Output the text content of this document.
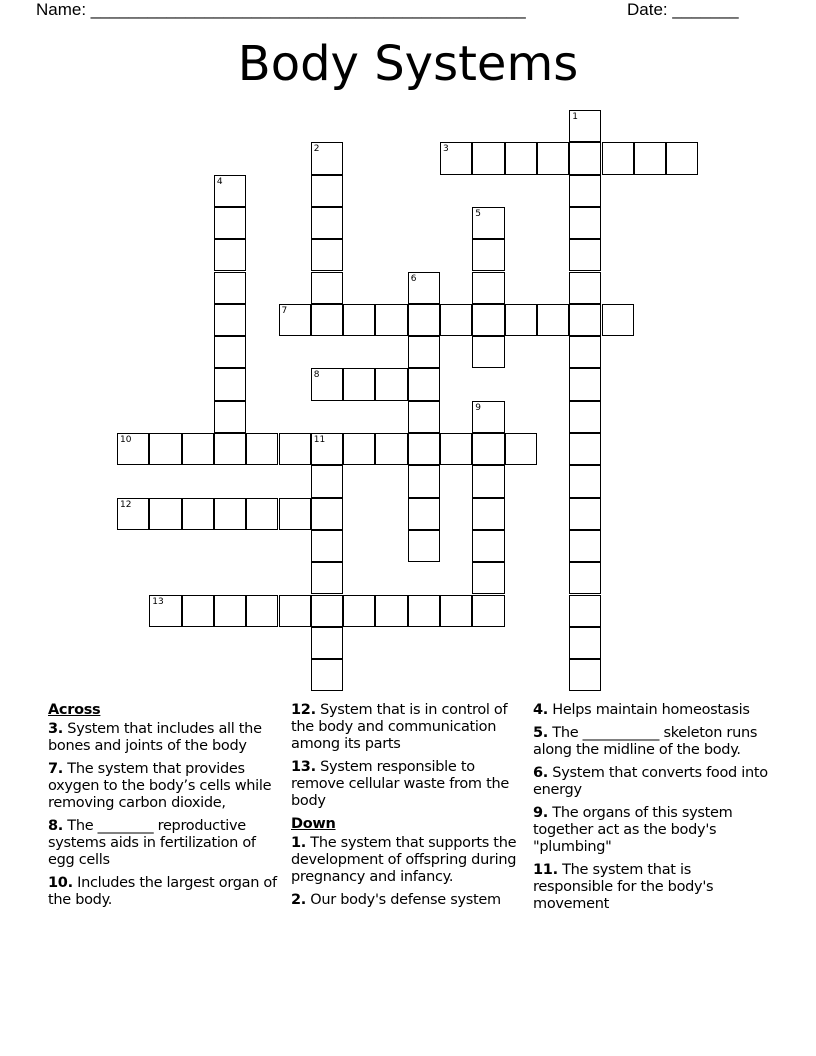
Name: ______________________________________________	Date: _______
Body Systems
1
2	3
4
5
6
7
8
9
10	11
12
13
Across
3. System that includes all the bones and joints of the body
7. The system that provides oxygen to the body’s cells while removing carbon dioxide,
8. The ________ reproductive systems aids in fertilization of egg cells
10. Includes the largest organ of the body.
12. System that is in control of the body and communication among its parts
13. System responsible to remove cellular waste from the body
Down
1. The system that supports the development of offspring during pregnancy and infancy.
2. Our body's defense system
4. Helps maintain homeostasis
5. The ___________ skeleton runs along the midline of the body.
6. System that converts food into energy
9. The organs of this system together act as the body's "plumbing"
11. The system that is responsible for the body's movement
